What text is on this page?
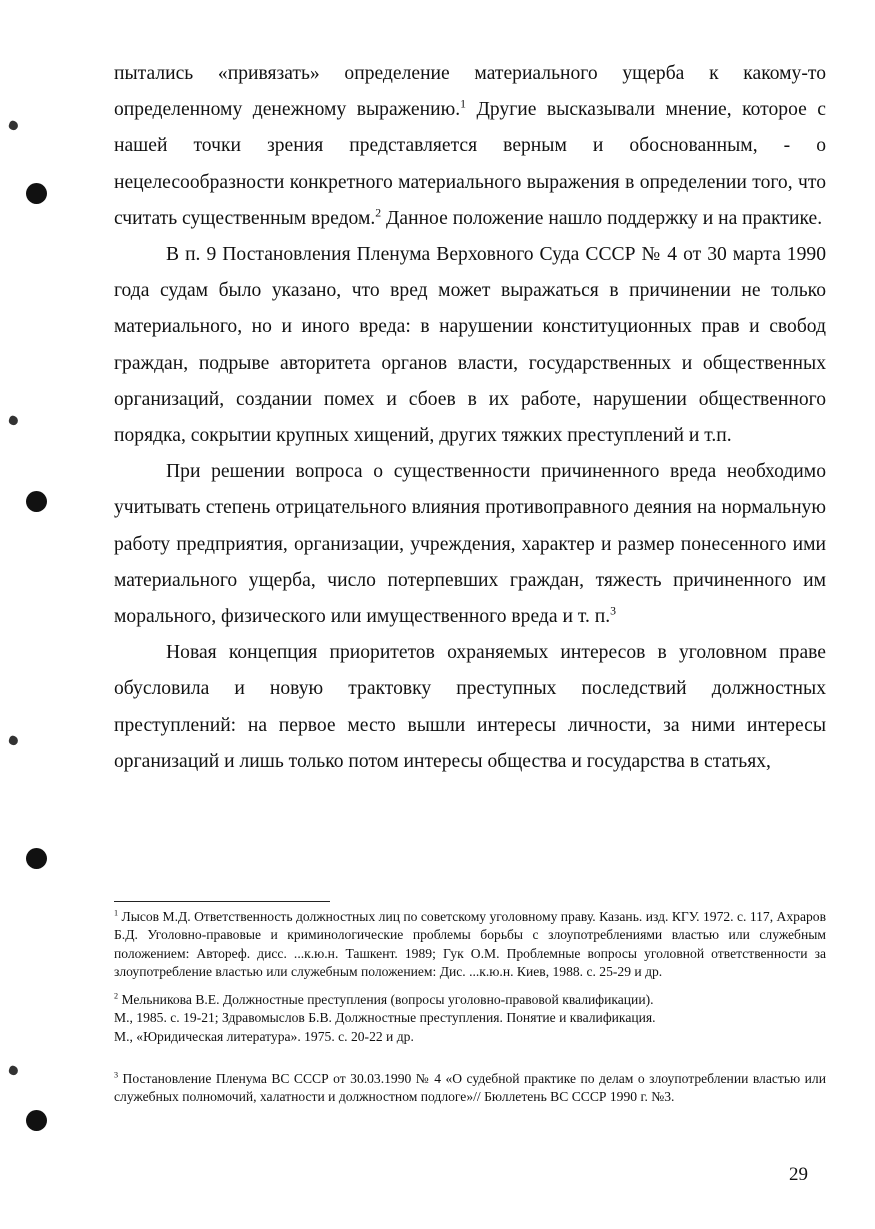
пытались «привязать» определение материального ущерба к какому-то определенному денежному выражению.$^1$ Другие высказывали мнение, которое с нашей точки зрения представляется верным и обоснованным, - о нецелесообразности конкретного материального выражения в определении того, что считать существенным вредом.$^2$ Данное положение нашло поддержку и на практике.

В п. 9 Постановления Пленума Верховного Суда СССР № 4 от 30 марта 1990 года судам было указано, что вред может выражаться в причинении не только материального, но и иного вреда: в нарушении конституционных прав и свобод граждан, подрыве авторитета органов власти, государственных и общественных организаций, создании помех и сбоев в их работе, нарушении общественного порядка, сокрытии крупных хищений, других тяжких преступлений и т.п.

При решении вопроса о существенности причиненного вреда необходимо учитывать степень отрицательного влияния противоправного деяния на нормальную работу предприятия, организации, учреждения, характер и размер понесенного ими материального ущерба, число потерпевших граждан, тяжесть причиненного им морального, физического или имущественного вреда и т. п.$^3$

Новая концепция приоритетов охраняемых интересов в уголовном праве обусловила и новую трактовку преступных последствий должностных преступлений: на первое место вышли интересы личности, за ними интересы организаций и лишь только потом интересы общества и государства в статьях,

$^1$ Лысов М.Д. Ответственность должностных лиц по советскому уголовному праву. Казань. изд. КГУ. 1972. с. 117, Ахраров Б.Д. Уголовно-правовые и криминологические проблемы борьбы с злоупотреблениями властью или служебным положением: Автореф. дисс. ...к.ю.н. Ташкент. 1989; Гук О.М. Проблемные вопросы уголовной ответственности за злоупотребление властью или служебным положением: Дис. ...к.ю.н. Киев, 1988. с. 25-29 и др.

$^2$ Мельникова В.Е. Должностные преступления (вопросы уголовно-правовой квалификации).
М., 1985. с. 19-21; Здравомыслов Б.В. Должностные преступления. Понятие и квалификация.
М., «Юридическая литература». 1975. с. 20-22 и др.

$^3$ Постановление Пленума ВС СССР от 30.03.1990 № 4 «О судебной практике по делам о злоупотреблении властью или служебных полномочий, халатности и должностном подлоге»// Бюллетень ВС СССР 1990 г. №3.

29
